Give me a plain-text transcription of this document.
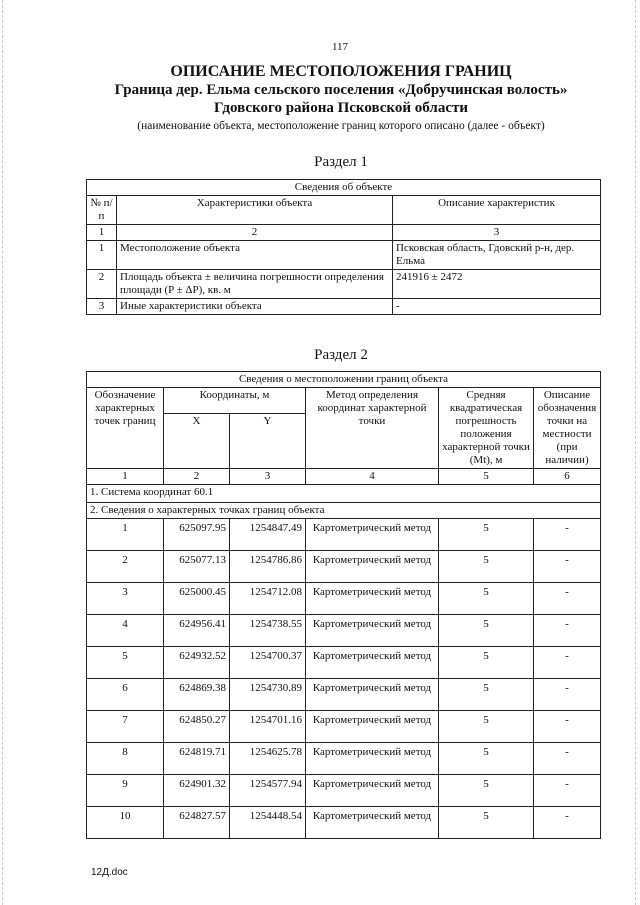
117
ОПИСАНИЕ МЕСТОПОЛОЖЕНИЯ ГРАНИЦ
Граница дер. Ельма сельского поселения «Добручинская волость»
Гдовского района Псковской области
(наименование объекта, местоположение границ которого описано (далее - объект)
Раздел 1
Сведения об объекте		
№ п/п	Характеристики объекта	Описание характеристик
1	2	3
1	Местоположение объекта	Псковская область, Гдовский р-н, дер. Ельма
2	Площадь объекта ± величина погрешности определения площади (P ± ΔP), кв. м	241916 ± 2472
3	Иные характеристики объекта	-
Раздел 2
Сведения о местоположении границ объекта					
Обозначение характерных точек границ	Координаты, м		Метод определения координат характерной точки	Средняя квадратическая погрешность положения характерной точки (Mt), м	Описание обозначения точки на местности (при наличии)
	X	Y			
1	2	3	4	5	6
1. Система координат 60.1					
2. Сведения о характерных точках границ объекта					
1	625097.95	1254847.49	Картометрический метод	5	-
2	625077.13	1254786.86	Картометрический метод	5	-
3	625000.45	1254712.08	Картометрический метод	5	-
4	624956.41	1254738.55	Картометрический метод	5	-
5	624932.52	1254700.37	Картометрический метод	5	-
6	624869.38	1254730.89	Картометрический метод	5	-
7	624850.27	1254701.16	Картометрический метод	5	-
8	624819.71	1254625.78	Картометрический метод	5	-
9	624901.32	1254577.94	Картометрический метод	5	-
10	624827.57	1254448.54	Картометрический метод	5	-
12Д.doc
